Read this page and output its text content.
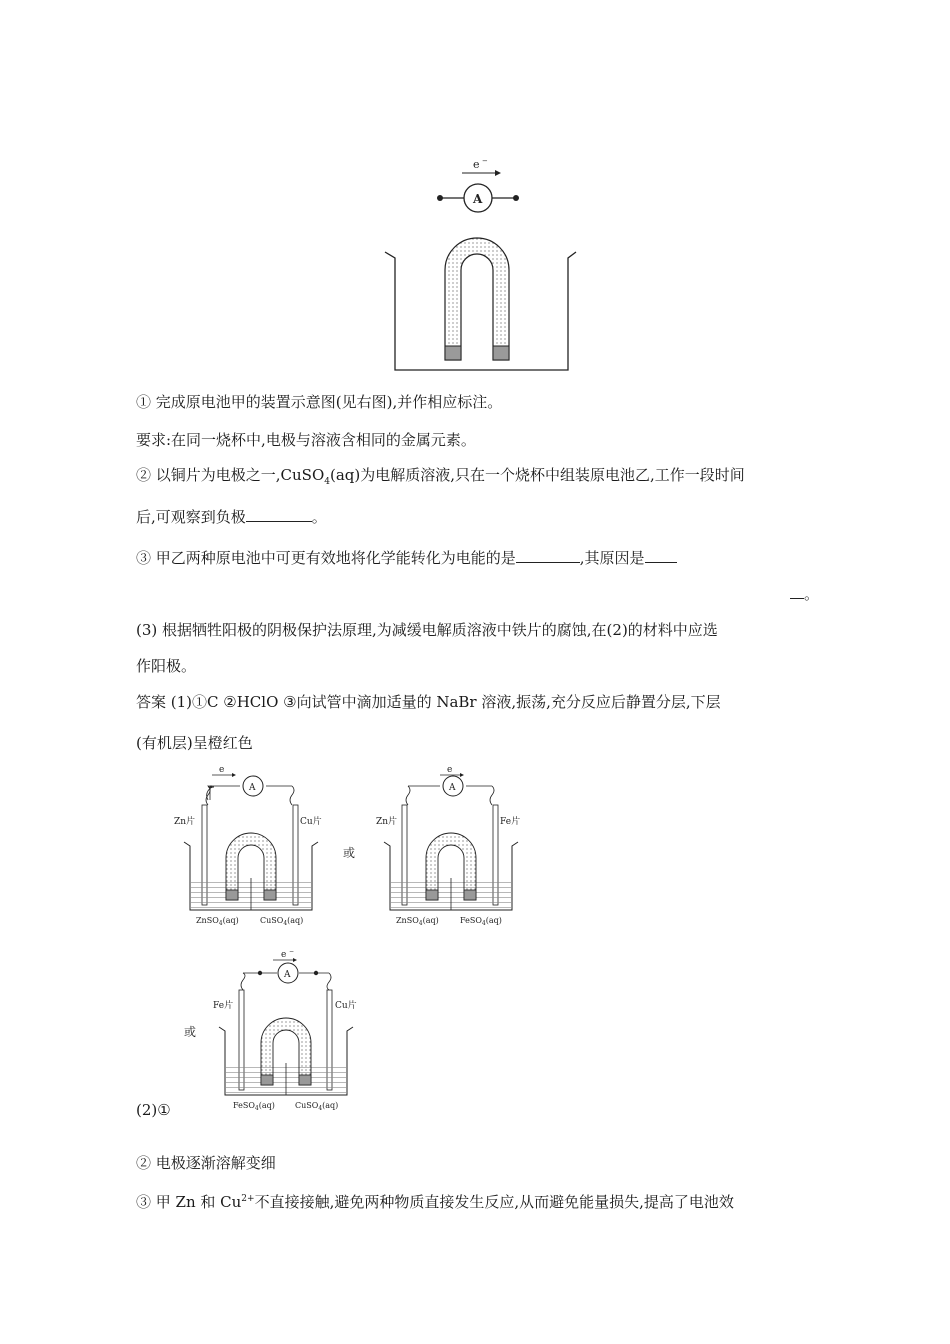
e −
A
① 完成原电池甲的装置示意图(见右图),并作相应标注。
要求:在同一烧杯中,电极与溶液含相同的金属元素。
② 以铜片为电极之一,CuSO$_4$(aq)为电解质溶液,只在一个烧杯中组装原电池乙,工作一段时间
后,可观察到负极	。
③ 甲乙两种原电池中可更有效地将化学能转化为电能的是	,其原因是
。
(3) 根据牺牲阳极的阴极保护法原理,为减缓电解质溶液中铁片的腐蚀,在(2)的材料中应选
作阳极。
答案 (1)①C ②HClO ③向试管中滴加适量的 NaBr 溶液,振荡,充分反应后静置分层,下层
(有机层)呈橙红色
e
A
Zn片	Cu片
ZnSO$_4$(aq)	CuSO$_4$(aq)
或
e
A
Zn片	Fe片
ZnSO$_4$(aq)	FeSO$_4$(aq)
或
e −
A
Fe片	Cu片
FeSO$_4$(aq)	CuSO$_4$(aq)
(2)①
② 电极逐渐溶解变细
③ 甲 Zn 和 $Cu^{2+}$不直接接触,避免两种物质直接发生反应,从而避免能量损失,提高了电池效
